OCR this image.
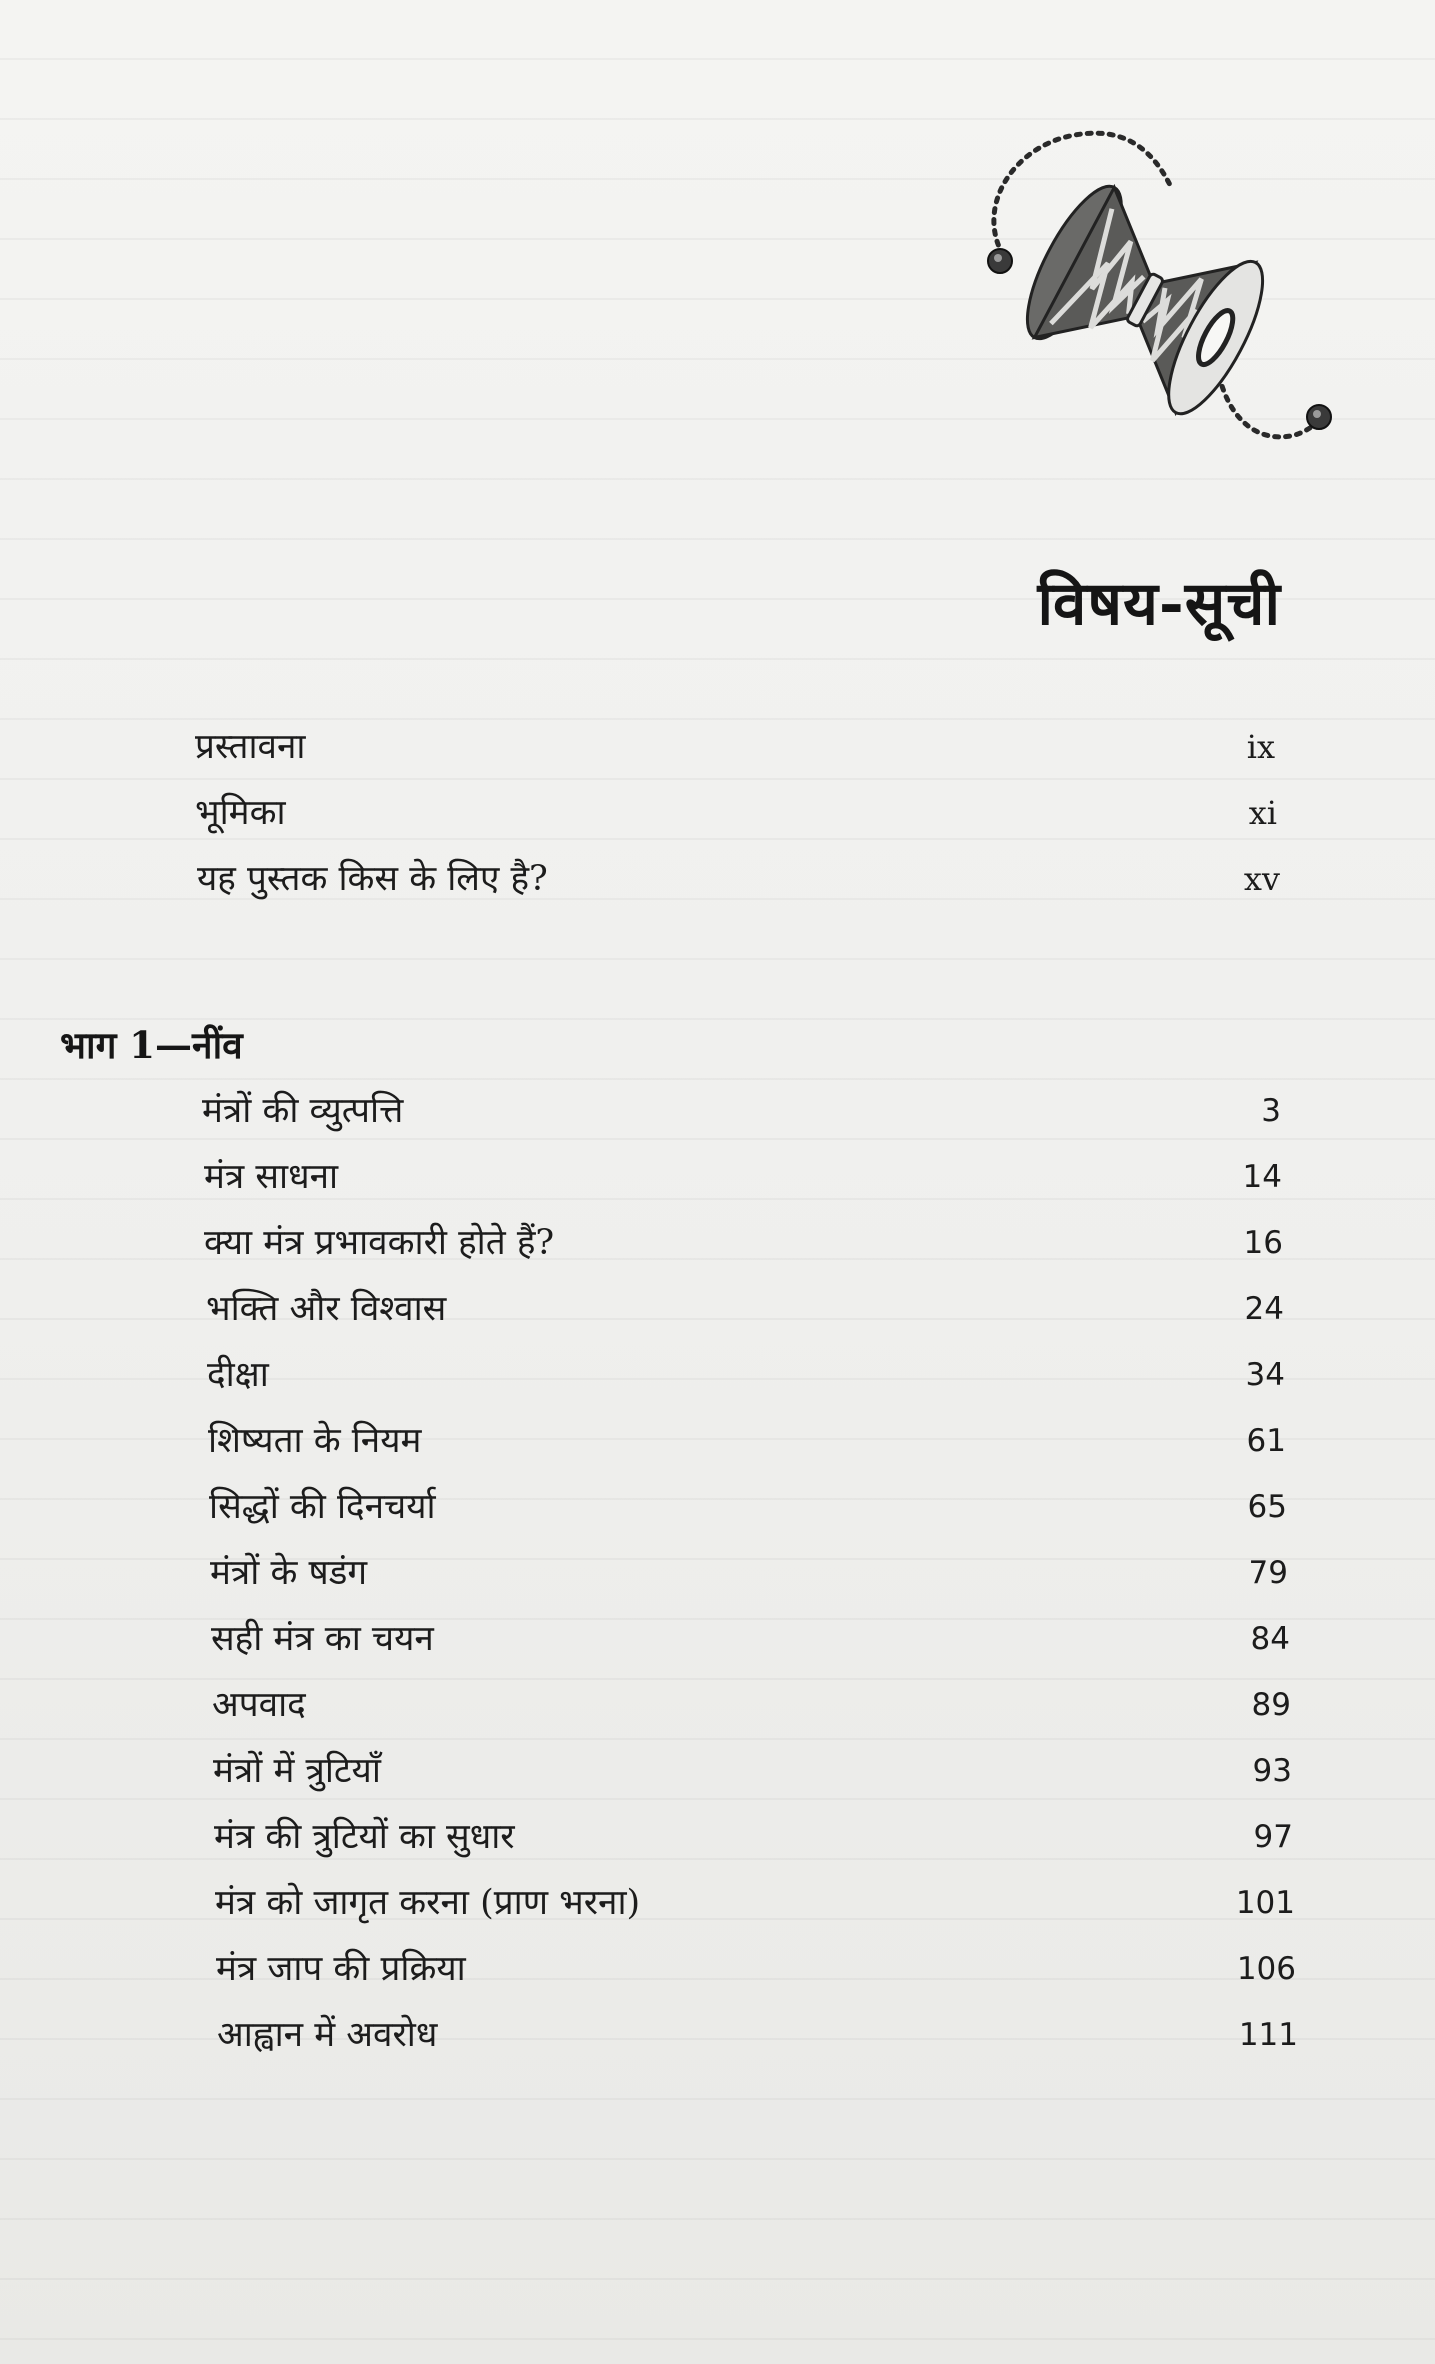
विषय-सूची
प्रस्तावना	ix
भूमिका	xi
यह पुस्तक किस के लिए है?	xv
भाग 1—नींव
मंत्रों की व्युत्पत्ति	3
मंत्र साधना	14
क्या मंत्र प्रभावकारी होते हैं?	16
भक्ति और विश्वास	24
दीक्षा	34
शिष्यता के नियम	61
सिद्धों की दिनचर्या	65
मंत्रों के षडंग	79
सही मंत्र का चयन	84
अपवाद	89
मंत्रों में त्रुटियाँ	93
मंत्र की त्रुटियों का सुधार	97
मंत्र को जागृत करना (प्राण भरना)	101
मंत्र जाप की प्रक्रिया	106
आह्वान में अवरोध	111
